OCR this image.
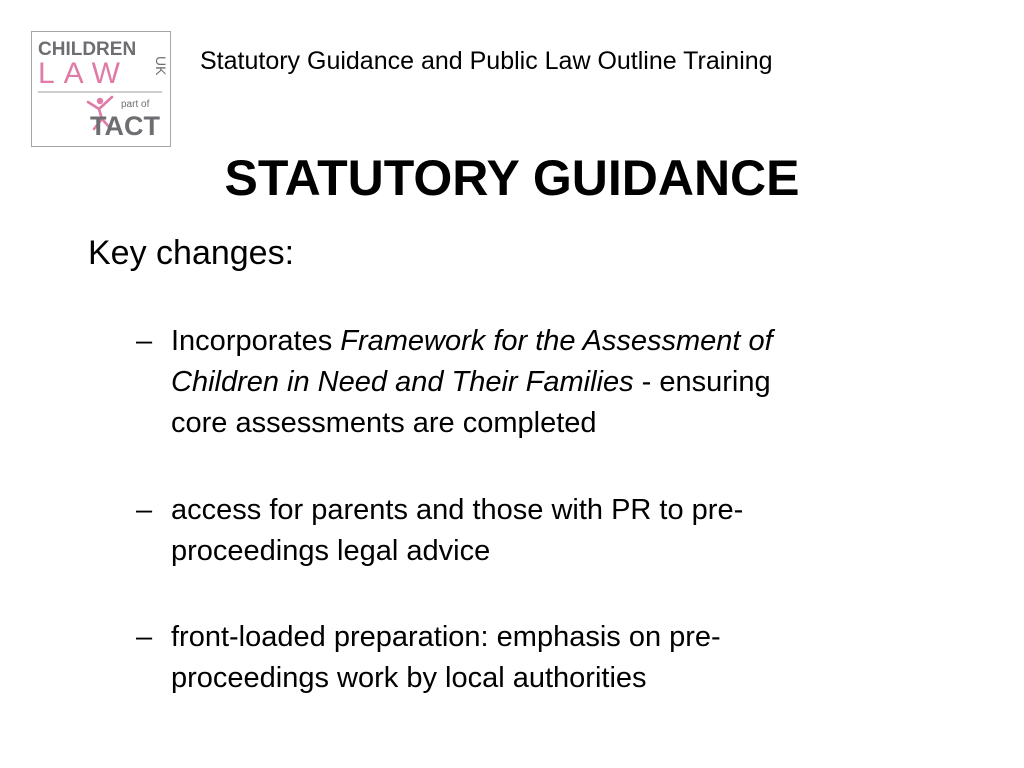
CHILDREN
LAW UK
part of
TACT
Statutory Guidance and Public Law Outline Training
STATUTORY GUIDANCE
Key changes:
– Incorporates Framework for the Assessment of
Children in Need and Their Families - ensuring
core assessments are completed
– access for parents and those with PR to pre-
proceedings legal advice
– front-loaded preparation: emphasis on pre-
proceedings work by local authorities
